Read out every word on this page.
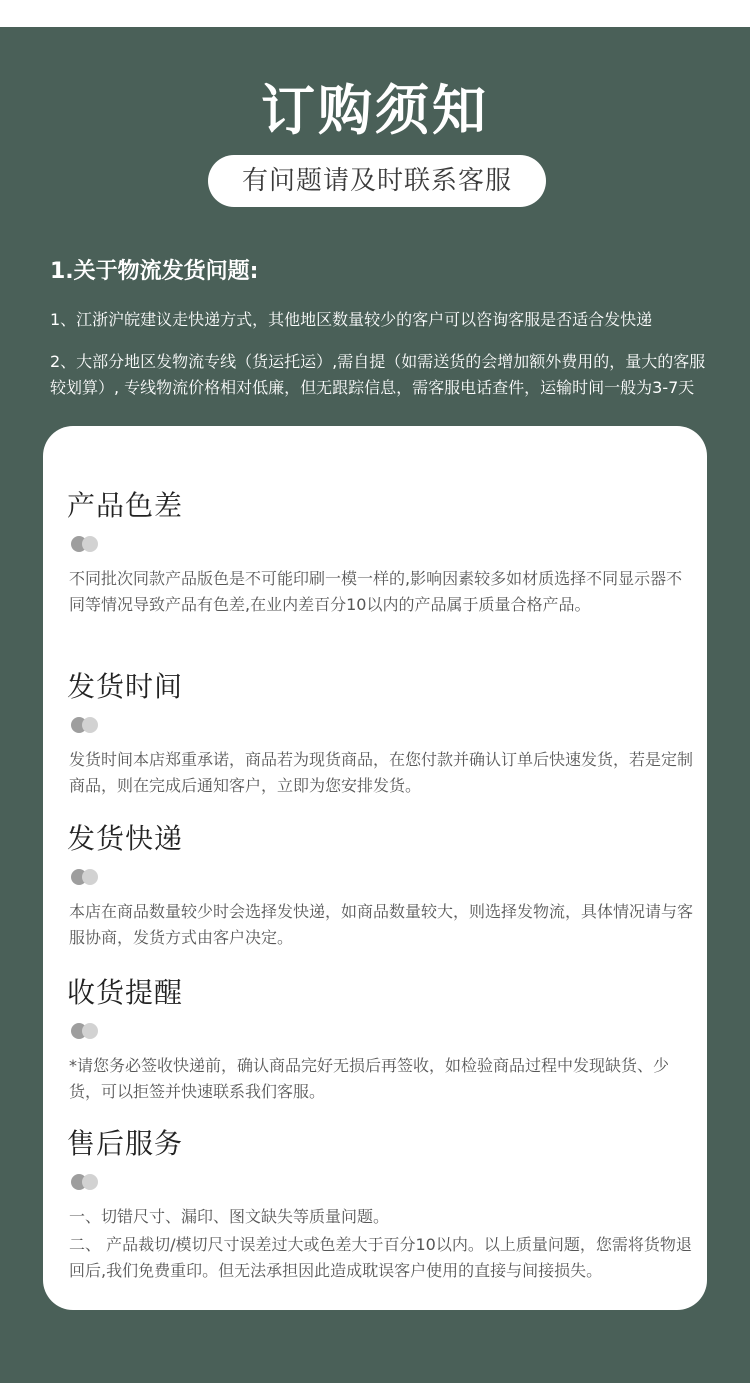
订购须知
有问题请及时联系客服
1.关于物流发货问题:

1、江浙沪皖建议走快递方式，其他地区数量较少的客户可以咨询客服是否适合发快递

2、大部分地区发物流专线（货运托运）,需自提（如需送货的会增加额外费用的，量大的客服较划算）, 专线物流价格相对低廉，但无跟踪信息，需客服电话查件，运输时间一般为3-7天

产品色差

不同批次同款产品版色是不可能印刷一模一样的,影响因素较多如材质选择不同显示器不同等情况导致产品有色差,在业内差百分10以内的产品属于质量合格产品。

发货时间

发货时间本店郑重承诺，商品若为现货商品，在您付款并确认订单后快速发货，若是定制商品，则在完成后通知客户，立即为您安排发货。

发货快递

本店在商品数量较少时会选择发快递，如商品数量较大，则选择发物流，具体情况请与客服协商，发货方式由客户决定。

收货提醒

*请您务必签收快递前，确认商品完好无损后再签收，如检验商品过程中发现缺货、少货，可以拒签并快速联系我们客服。

售后服务

一、切错尺寸、漏印、图文缺失等质量问题。

二、 产品裁切/模切尺寸误差过大或色差大于百分10以内。以上质量问题，您需将货物退回后,我们免费重印。但无法承担因此造成耽误客户使用的直接与间接损失。
